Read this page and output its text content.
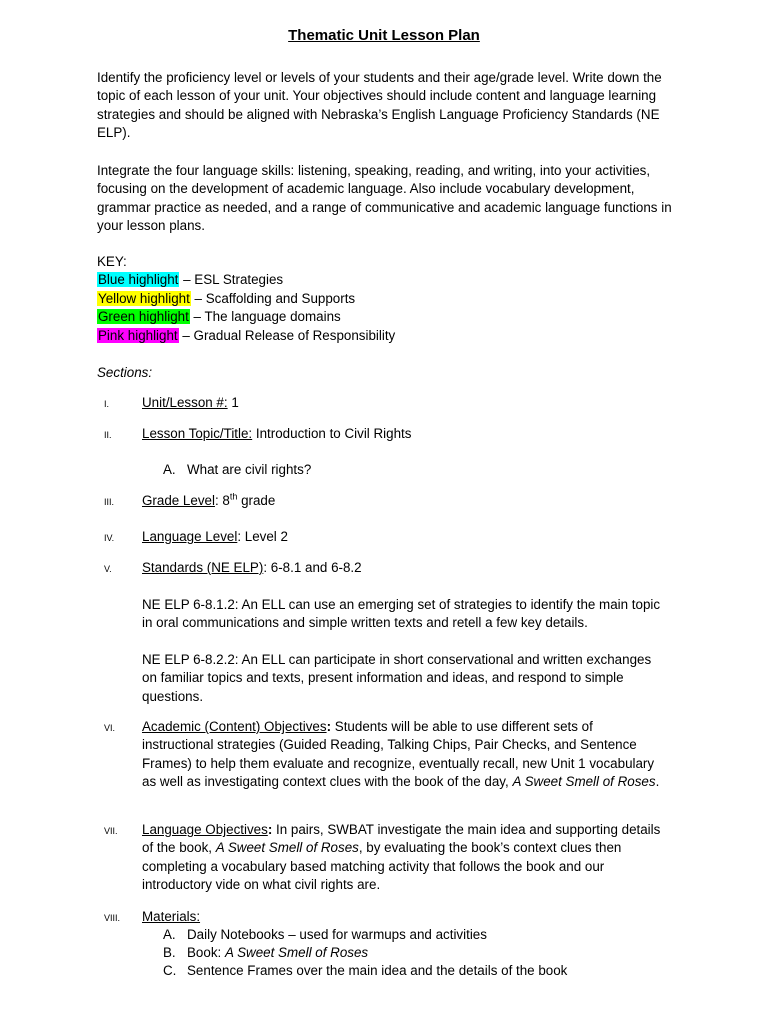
Thematic Unit Lesson Plan

Identify the proficiency level or levels of your students and their age/grade level. Write down the topic of each lesson of your unit. Your objectives should include content and language learning strategies and should be aligned with Nebraska’s English Language Proficiency Standards (NE ELP).

Integrate the four language skills: listening, speaking, reading, and writing, into your activities, focusing on the development of academic language. Also include vocabulary development, grammar practice as needed, and a range of communicative and academic language functions in your lesson plans.

KEY:
Blue highlight – ESL Strategies
Yellow highlight – Scaffolding and Supports
Green highlight – The language domains
Pink highlight – Gradual Release of Responsibility
Sections:
I.	Unit/Lesson #: 1
II.	Lesson Topic/Title: Introduction to Civil Rights
A. What are civil rights?
III.	Grade Level: 8th grade
IV.	Language Level: Level 2
V.	Standards (NE ELP): 6-8.1 and 6-8.2
NE ELP 6-8.1.2: An ELL can use an emerging set of strategies to identify the main topic in oral communications and simple written texts and retell a few key details.
NE ELP 6-8.2.2: An ELL can participate in short conservational and written exchanges on familiar topics and texts, present information and ideas, and respond to simple questions.
VI.	Academic (Content) Objectives: Students will be able to use different sets of instructional strategies (Guided Reading, Talking Chips, Pair Checks, and Sentence Frames) to help them evaluate and recognize, eventually recall, new Unit 1 vocabulary as well as investigating context clues with the book of the day, A Sweet Smell of Roses.
VII.	Language Objectives: In pairs, SWBAT investigate the main idea and supporting details of the book, A Sweet Smell of Roses, by evaluating the book’s context clues then completing a vocabulary based matching activity that follows the book and our introductory vide on what civil rights are.
VIII.	Materials:
A. Daily Notebooks – used for warmups and activities
B. Book: A Sweet Smell of Roses
C. Sentence Frames over the main idea and the details of the book
